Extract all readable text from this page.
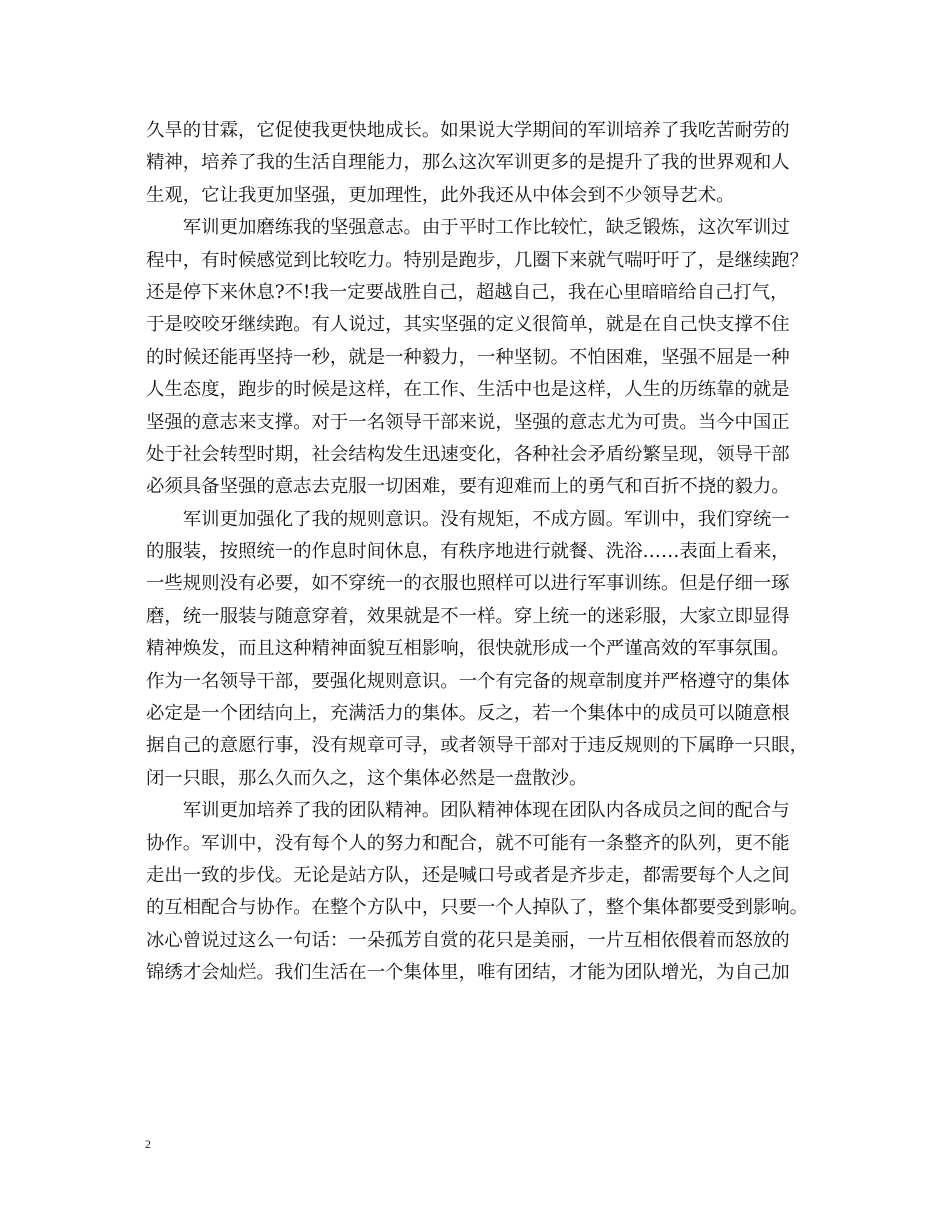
久旱的甘霖，它促使我更快地成长。如果说大学期间的军训培养了我吃苦耐劳的
精神，培养了我的生活自理能力，那么这次军训更多的是提升了我的世界观和人
生观，它让我更加坚强，更加理性，此外我还从中体会到不少领导艺术。
　　军训更加磨练我的坚强意志。由于平时工作比较忙，缺乏锻炼，这次军训过
程中，有时候感觉到比较吃力。特别是跑步，几圈下来就气喘吁吁了，是继续跑？
还是停下来休息?不!我一定要战胜自己，超越自己，我在心里暗暗给自己打气，
于是咬咬牙继续跑。有人说过，其实坚强的定义很简单，就是在自己快支撑不住
的时候还能再坚持一秒，就是一种毅力，一种坚韧。不怕困难，坚强不屈是一种
人生态度，跑步的时候是这样，在工作、生活中也是这样，人生的历练靠的就是
坚强的意志来支撑。对于一名领导干部来说，坚强的意志尤为可贵。当今中国正
处于社会转型时期，社会结构发生迅速变化，各种社会矛盾纷繁呈现，领导干部
必须具备坚强的意志去克服一切困难，要有迎难而上的勇气和百折不挠的毅力。
　　军训更加强化了我的规则意识。没有规矩，不成方圆。军训中，我们穿统一
的服装，按照统一的作息时间休息，有秩序地进行就餐、洗浴……表面上看来，
一些规则没有必要，如不穿统一的衣服也照样可以进行军事训练。但是仔细一琢
磨，统一服装与随意穿着，效果就是不一样。穿上统一的迷彩服，大家立即显得
精神焕发，而且这种精神面貌互相影响，很快就形成一个严谨高效的军事氛围。
作为一名领导干部，要强化规则意识。一个有完备的规章制度并严格遵守的集体
必定是一个团结向上，充满活力的集体。反之，若一个集体中的成员可以随意根
据自己的意愿行事，没有规章可寻，或者领导干部对于违反规则的下属睁一只眼，
闭一只眼，那么久而久之，这个集体必然是一盘散沙。
　　军训更加培养了我的团队精神。团队精神体现在团队内各成员之间的配合与
协作。军训中，没有每个人的努力和配合，就不可能有一条整齐的队列，更不能
走出一致的步伐。无论是站方队，还是喊口号或者是齐步走，都需要每个人之间
的互相配合与协作。在整个方队中，只要一个人掉队了，整个集体都要受到影响。
冰心曾说过这么一句话：一朵孤芳自赏的花只是美丽，一片互相依偎着而怒放的
锦绣才会灿烂。我们生活在一个集体里，唯有团结，才能为团队增光，为自己加
2
